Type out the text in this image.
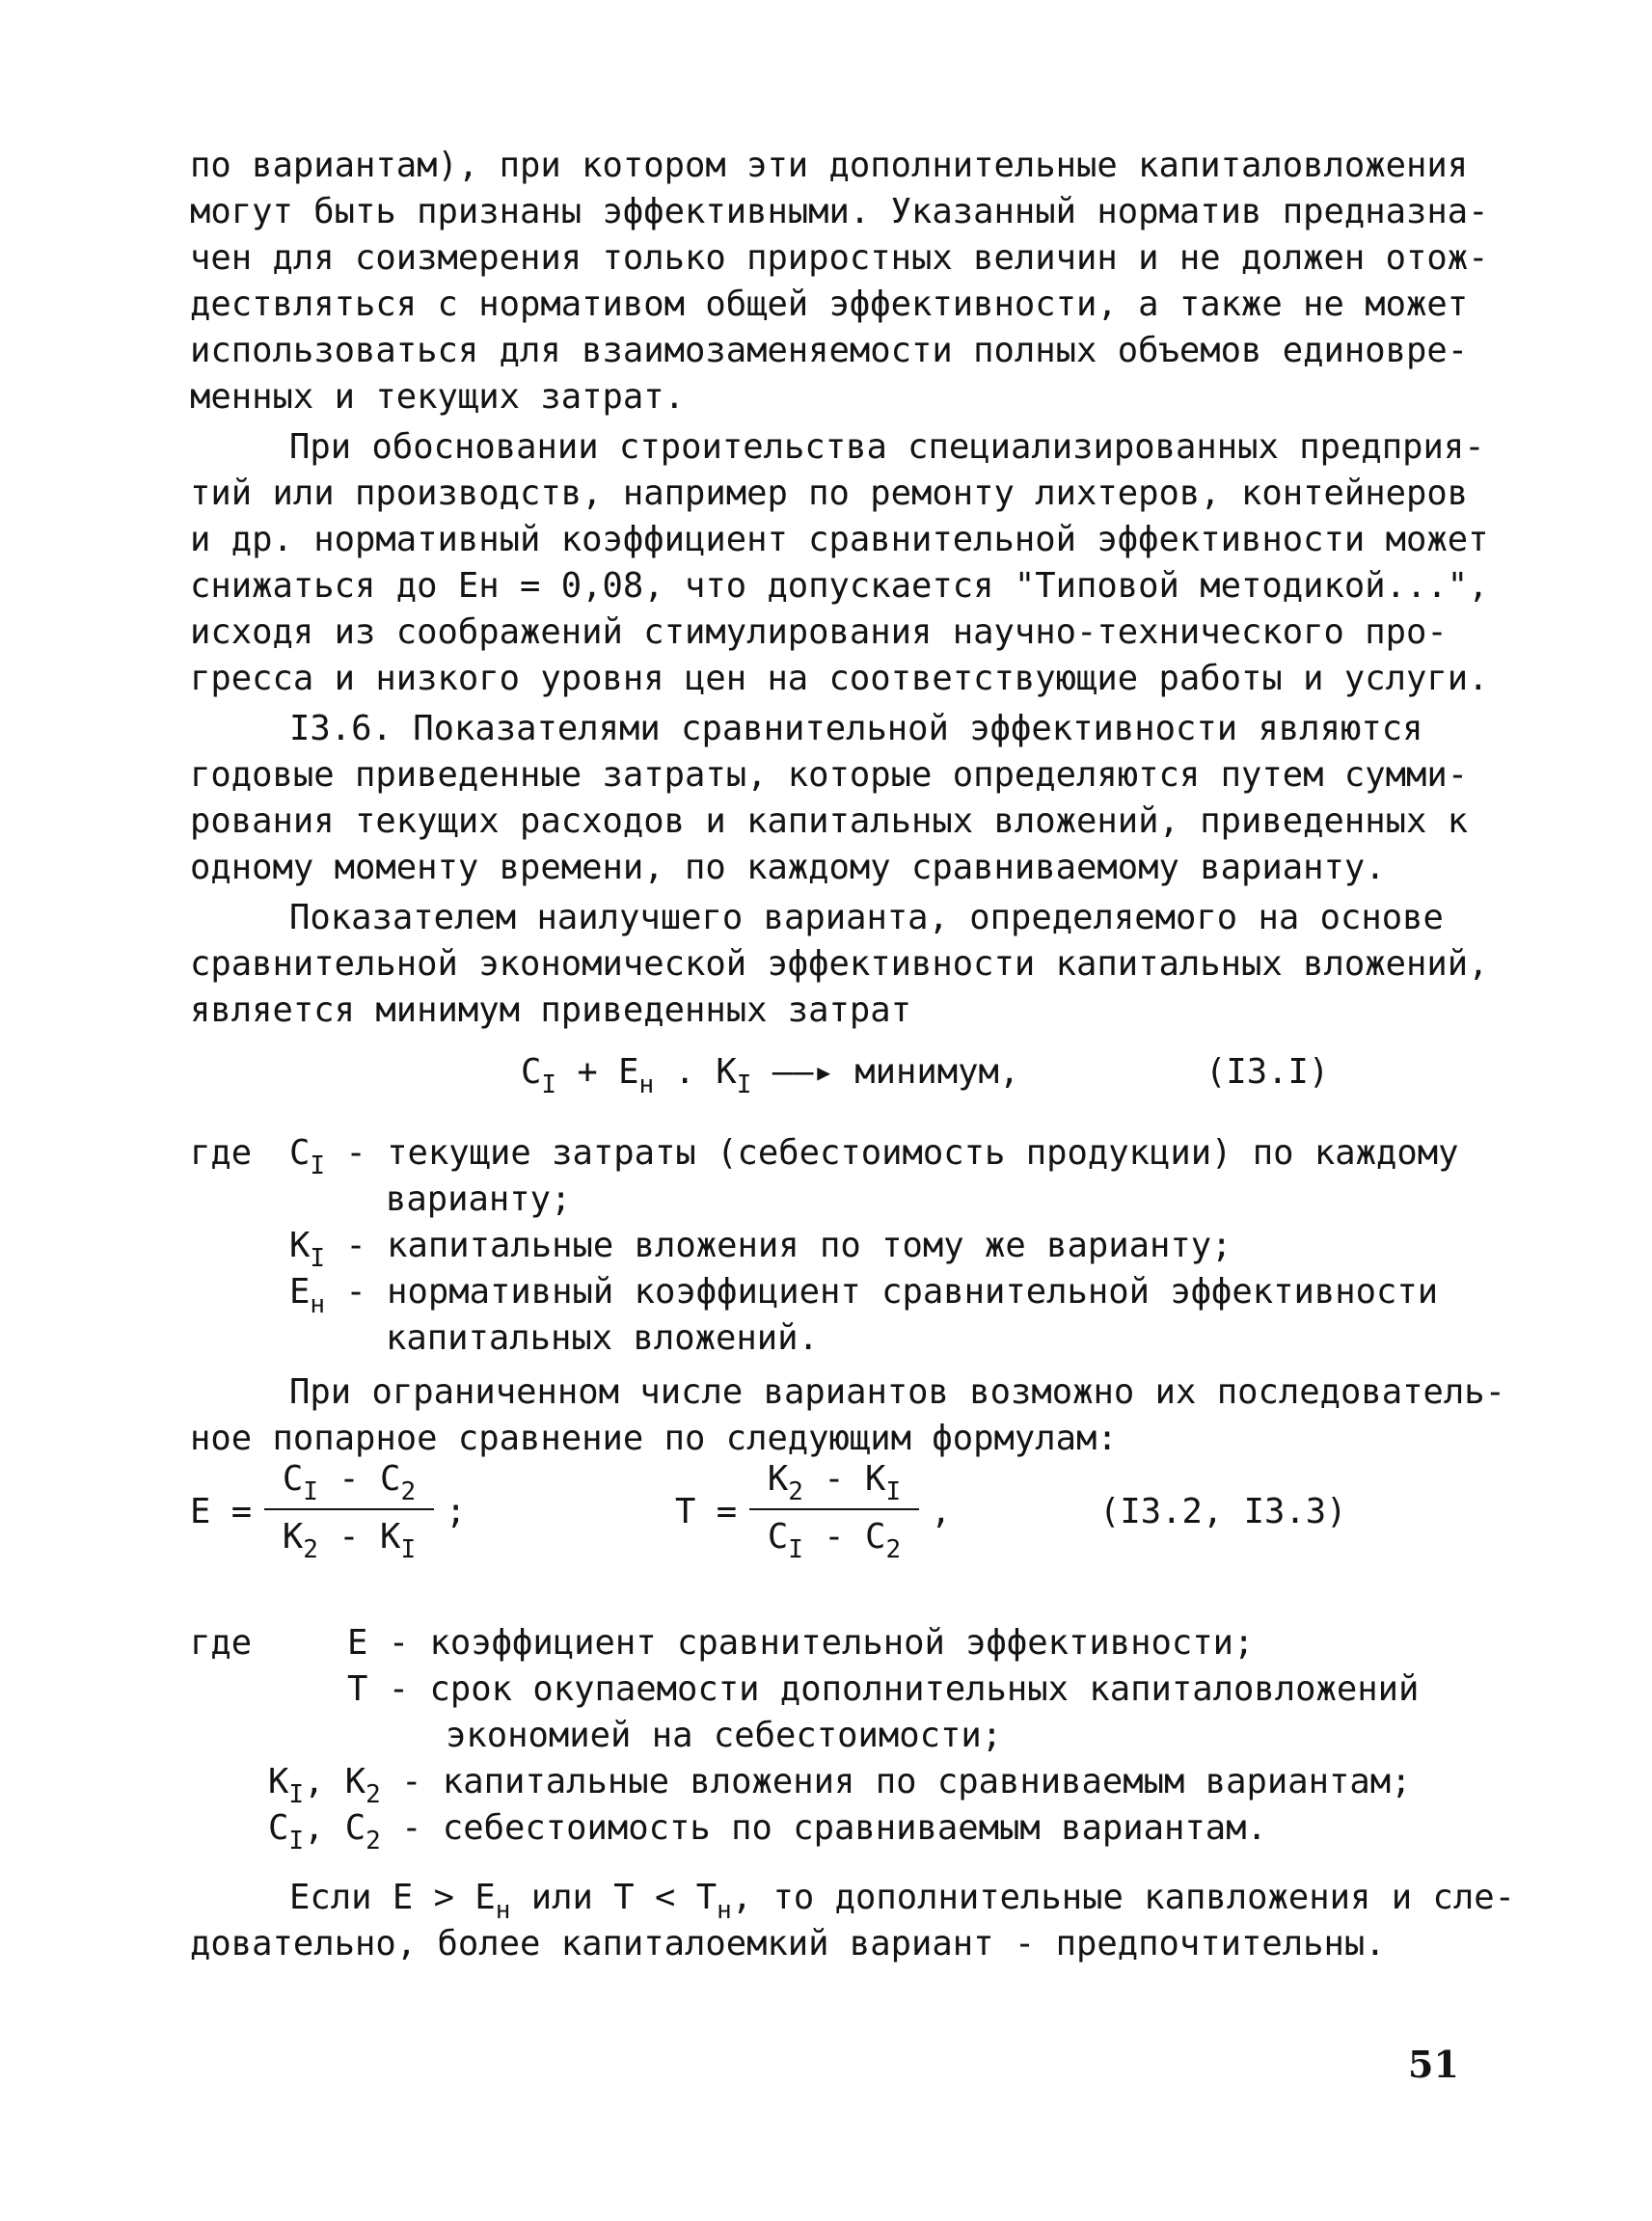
по вариантам), при котором эти дополнительные капиталовложения
могут быть признаны эффективными. Указанный норматив предназна-
чен для соизмерения только приростных величин и не должен отож-
дествляться с нормативом общей эффективности, а также не может
использоваться для взаимозаменяемости полных объемов единовре-
менных и текущих затрат.
При обосновании строительства специализированных предприя-
тий или производств, например по ремонту лихтеров, контейнеров
и др. нормативный коэффициент сравнительной эффективности может
снижаться до Ен = 0,08, что допускается "Типовой методикой...",
исходя из соображений стимулирования научно-технического про-
гресса и низкого уровня цен на соответствующие работы и услуги.
I3.6. Показателями сравнительной эффективности являются
годовые приведенные затраты, которые определяются путем сумми-
рования текущих расходов и капитальных вложений, приведенных к
одному моменту времени, по каждому сравниваемому варианту.
Показателем наилучшего варианта, определяемого на основе
сравнительной экономической эффективности капитальных вложений,
является минимум приведенных затрат
$C_I + E_н$ . $K_I$ ——▸ минимум,	(I3.I)
где $C_I$ - текущие затраты (себестоимость продукции) по каждому
варианту;
$K_I$ - капитальные вложения по тому же варианту;
$E_н$ - нормативный коэффициент сравнительной эффективности
капитальных вложений.
При ограниченном числе вариантов возможно их последователь-
ное попарное сравнение по следующим формулам:
E =
$C_I - C_2$
$K_2 - K_I$
;	T =
$K_2 - K_I$
$C_I - C_2$
,	(I3.2, I3.3)
где	E - коэффициент сравнительной эффективности;
T - срок окупаемости дополнительных капиталовложений
экономией на себестоимости;
$K_I$, $K_2$ - капитальные вложения по сравниваемым вариантам;
$C_I$, $C_2$ - себестоимость по сравниваемым вариантам.
Если $E > E_н$ или $T < T_н$, то дополнительные капвложения и сле-
довательно, более капиталоемкий вариант - предпочтительны.
51
